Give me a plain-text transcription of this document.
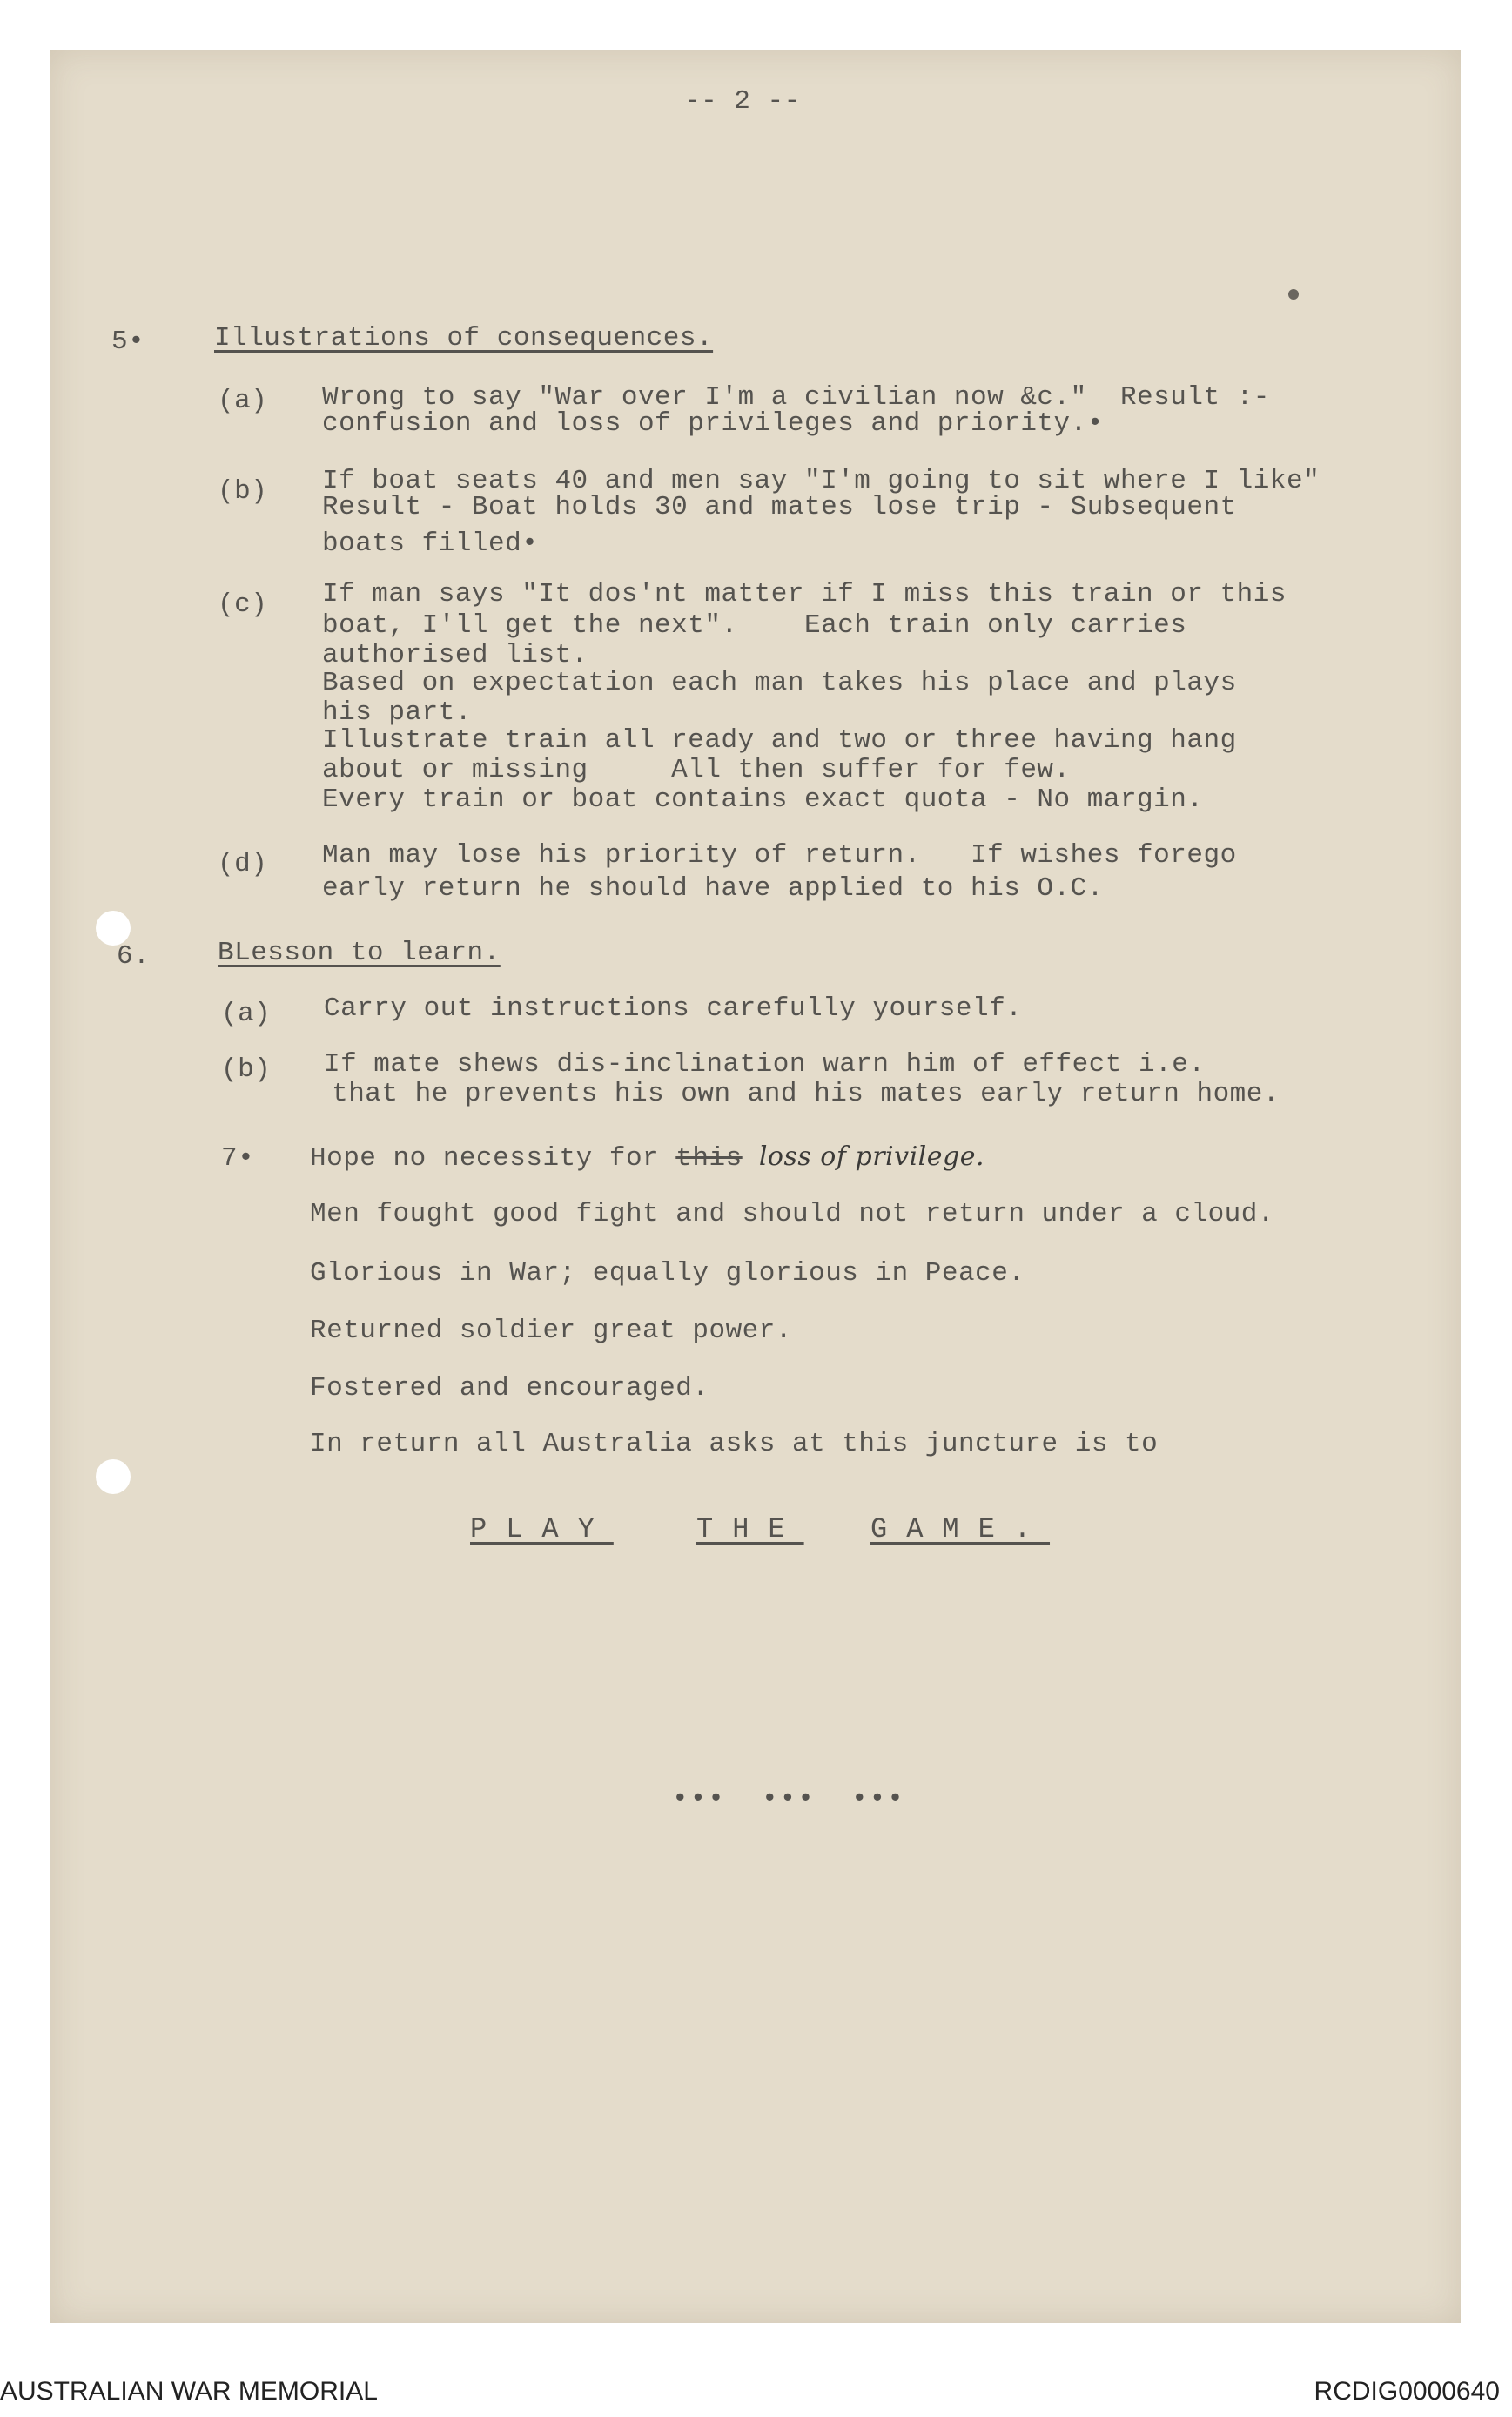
-- 2 --
5•	Illustrations of consequences.
(a) Wrong to say "War over I'm a civilian now &c."  Result :-
confusion and loss of privileges and priority.•
(b) If boat seats 40 and men say "I'm going to sit where I like"
Result - Boat holds 30 and mates lose trip - Subsequent
boats filled•
(c) If man says "It dos'nt matter if I miss this train or this
boat, I'll get the next".    Each train only carries
authorised list.
Based on expectation each man takes his place and plays
his part.
Illustrate train all ready and two or three having hang
about or missing     All then suffer for few.
Every train or boat contains exact quota - No margin.
(d) Man may lose his priority of return.   If wishes forego
early return he should have applied to his O.C.
6.	BLesson to learn.
(a) Carry out instructions carefully yourself.
(b) If mate shews dis-inclination warn him of effect i.e.
that he prevents his own and his mates early return home.
7• Hope no necessity for this loss of privilege.
Men fought good fight and should not return under a cloud.
Glorious in War; equally glorious in Peace.
Returned soldier great power.
Fostered and encouraged.
In return all Australia asks at this juncture is to
PLAY	THE GAME.
•••  •••  •••
AUSTRALIAN WAR MEMORIAL	RCDIG0000640
